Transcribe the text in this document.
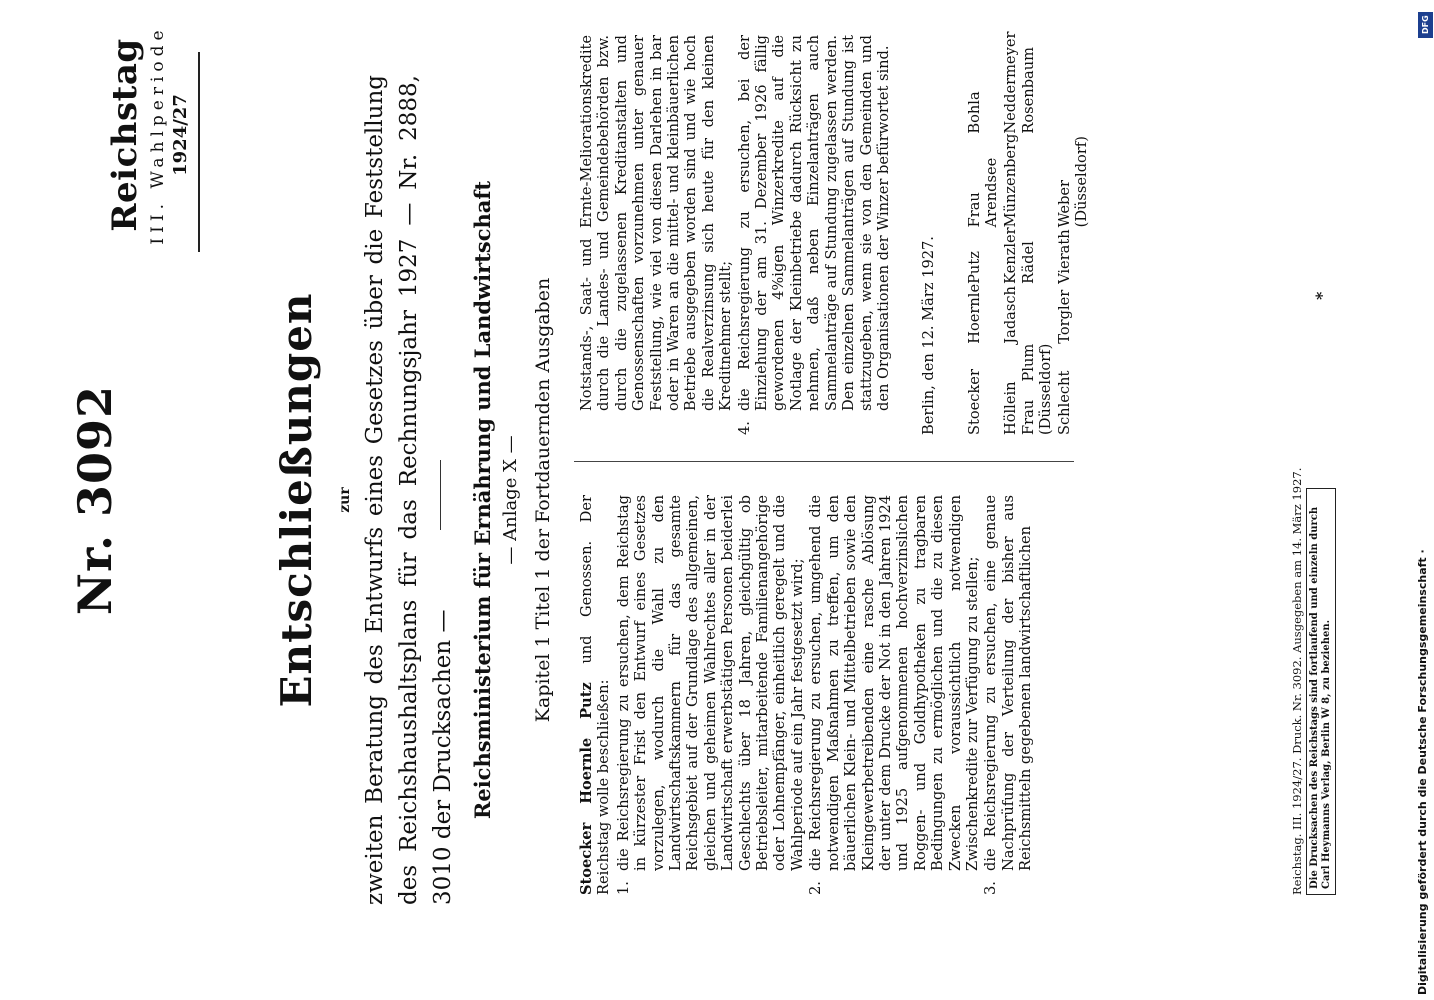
Reichstag III. Wahlperiode 1924/27
Nr. 3092	Entschließungen zur zweiten Beratung des Entwurfs eines Gesetzes über die Feststellung des Reichshaushaltsplans für das Rechnungsjahr 1927 — Nr. 2888, 3010 der Drucksachen — Reichsministerium für Ernährung und Landwirtschaft — Anlage X — Kapitel 1 Titel 1 der Fortdauernden Ausgaben

Stoecker Hoernle Putz und Genossen. Der Reichstag wolle beschließen: 1.
die Reichsregierung zu ersuchen, dem Reichstag in kürzester Frist den Entwurf eines Gesetzes vorzulegen, wodurch die Wahl zu den Landwirtschaftskammern für das gesamte Reichsgebiet auf der Grundlage des allgemeinen, gleichen und geheimen Wahlrechtes aller in der Landwirtschaft erwerbstätigen Personen beiderlei Geschlechts über 18 Jahren, gleichgültig ob Betriebsleiter, mitarbeitende Familienangehörige oder Lohnempfänger, einheitlich geregelt und die Wahlperiode auf ein Jahr festgesetzt wird;
2.
die Reichsregierung zu ersuchen, umgehend die notwendigen Maßnahmen zu treffen, um den bäuerlichen Klein- und Mittelbetrieben sowie den Kleingewerbetreibenden eine rasche Ablösung der unter dem Drucke der Not in den Jahren 1924 und 1925 aufgenommenen hochverzinslichen Roggen- und Goldhypotheken zu tragbaren Bedingungen zu ermöglichen und die zu diesen Zwecken voraussichtlich notwendigen Zwischenkredite zur Verfügung zu stellen;
3.
die Reichsregierung zu ersuchen, eine genaue Nachprüfung der Verteilung der bisher aus Reichsmitteln gegebenen landwirtschaftlichen

Notstands-, Saat- und Ernte-Meliorationskredite durch die Landes- und Gemeindebehörden bzw. durch die zugelassenen Kreditanstalten und Genossenschaften vorzunehmen unter genauer Feststellung, wie viel von diesen Darlehen in bar oder in Waren an die mittel- und kleinbäuerlichen Betriebe ausgegeben worden sind und wie hoch die Realverzinsung sich heute für den kleinen Kreditnehmer stellt;

4.
die Reichsregierung zu ersuchen, bei der Einziehung der am 31. Dezember 1926 fällig gewordenen 4%igen Winzerkredite auf die Notlage der Kleinbetriebe dadurch Rücksicht zu nehmen, daß neben Einzelanträgen auch Sammelanträge auf Stundung zugelassen werden. Den einzelnen Sammelanträgen auf Stundung ist stattzugeben, wenn sie von den Gemeinden und den Organisationen der Winzer befürwortet sind. Berlin, den 12. März 1927. Stoecker
Hoernle
Putz
Frau Arendsee
Bohla
Höllein
Jadasch
Kenzler
Münzenberg
Neddermeyer
Frau Plum (Düsseldorf)
Rädel
Rosenbaum
Schlecht
Torgler
Vierath
Weber (Düsseldorf)
Reichstag. III. 1924/27. Druck. Nr. 3092. Ausgegeben am 14. März 1927. Die Drucksachen des Reichstags sind fortlaufend und einzeln durch Carl Heymanns Verlag, Berlin W 8, zu beziehen.
*
Digitalisierung gefördert durch die Deutsche Forschungsgemeinschaft ·
DFG
